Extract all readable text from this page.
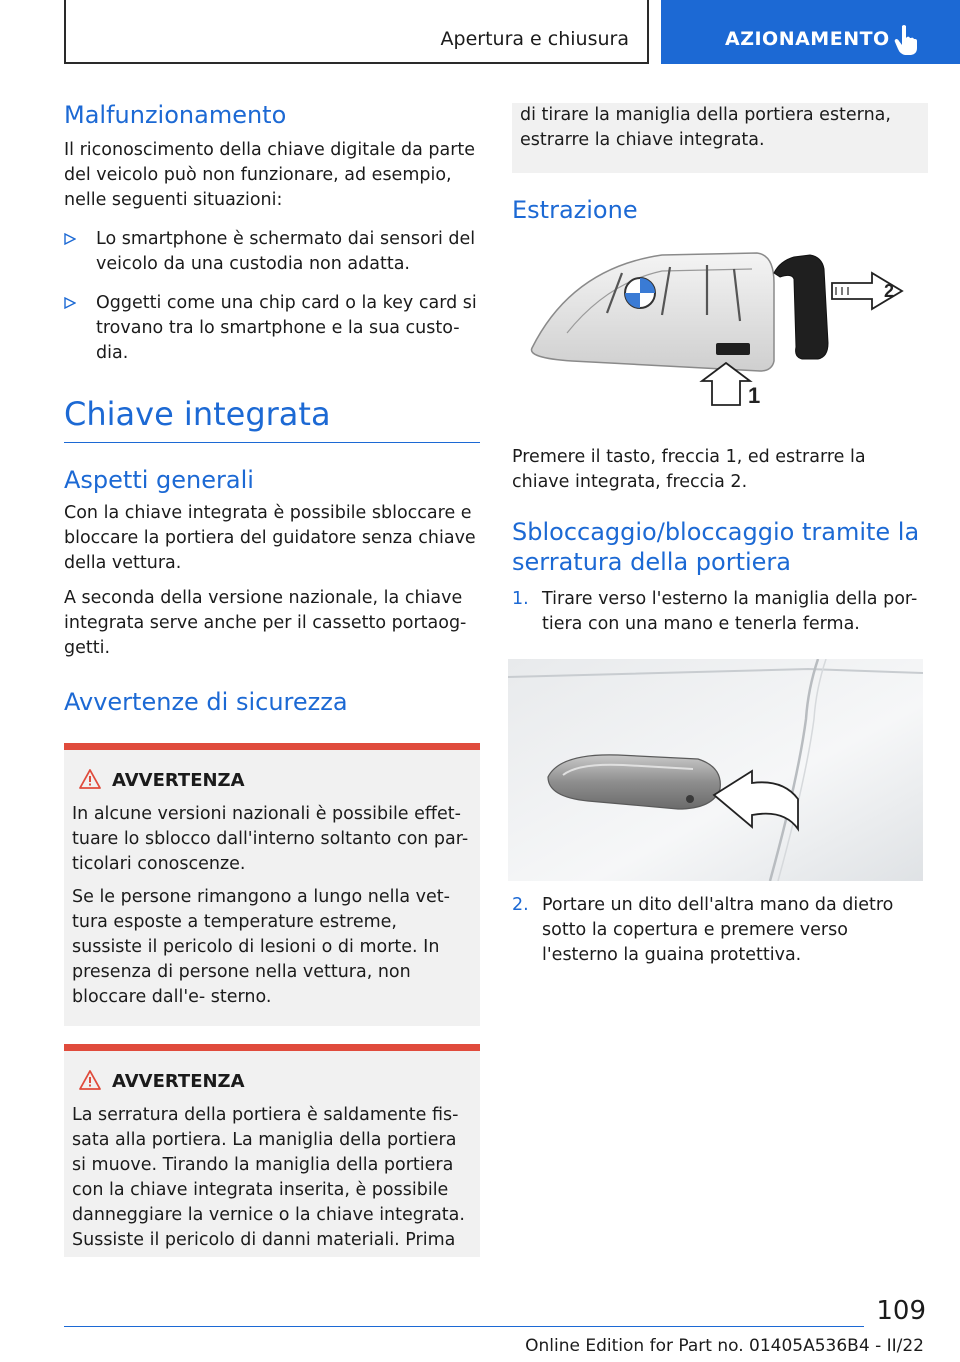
Apertura e chiusura	AZIONAMENTO
Malfunzionamento

Il riconoscimento della chiave digitale da parte del veicolo può non funzionare, ad esempio, nelle seguenti situazioni:

Lo smartphone è schermato dai sensori del veicolo da una custodia non adatta.
Oggetti come una chip card o la key card si trovano tra lo smartphone e la sua custo- dia.
Chiave integrata
Aspetti generali

Con la chiave integrata è possibile sbloccare e bloccare la portiera del guidatore senza chiave della vettura.

A seconda della versione nazionale, la chiave integrata serve anche per il cassetto portaog- getti.

Avvertenze di sicurezza
AVVERTENZA

In alcune versioni nazionali è possibile effet- tuare lo sblocco dall'interno soltanto con par- ticolari conoscenze.

Se le persone rimangono a lungo nella vet- tura esposte a temperature estreme, sussiste il pericolo di lesioni o di morte. In presenza di persone nella vettura, non bloccare dall'e- sterno.

AVVERTENZA

La serratura della portiera è saldamente fis- sata alla portiera. La maniglia della portiera si muove. Tirando la maniglia della portiera con la chiave integrata inserita, è possibile danneggiare la vernice o la chiave integrata. Sussiste il pericolo di danni materiali. Prima

di tirare la maniglia della portiera esterna, estrarre la chiave integrata.

Estrazione
2
1

Premere il tasto, freccia 1, ed estrarre la chiave integrata, freccia 2.

Sbloccaggio/bloccaggio tramite la serratura della portiera
1. Tirare verso l'esterno la maniglia della por- tiera con una mano e tenerla ferma.
2. Portare un dito dell'altra mano da dietro sotto la copertura e premere verso l'esterno la guaina protettiva.
109
Online Edition for Part no. 01405A536B4 - II/22
